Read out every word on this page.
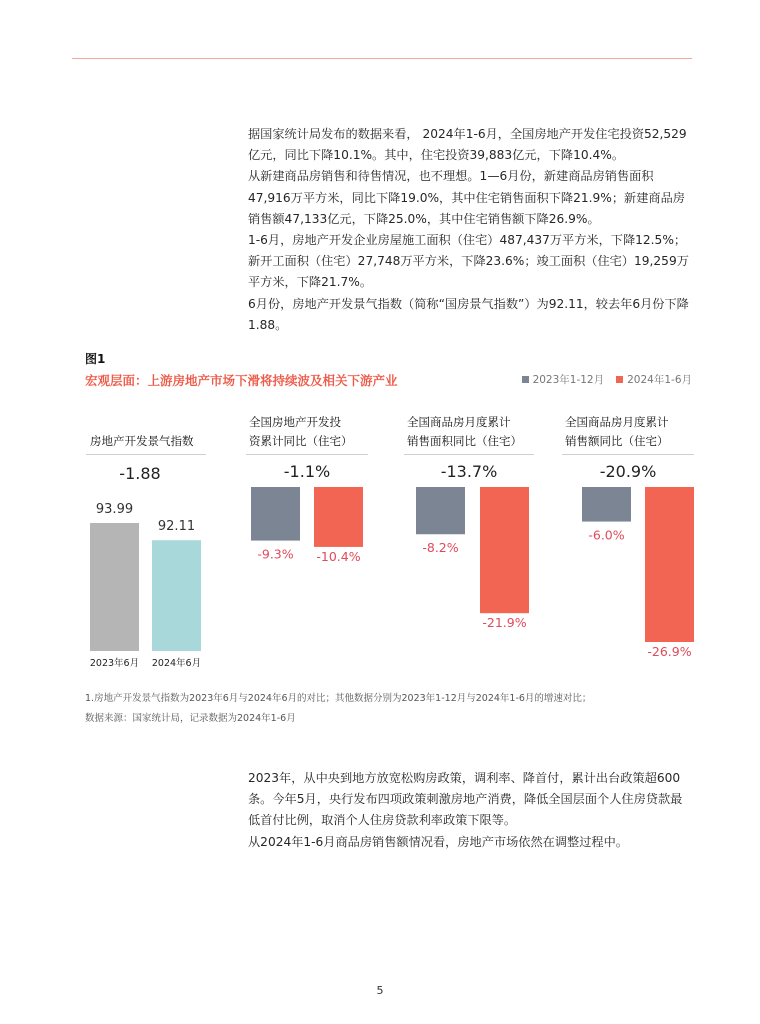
据国家统计局发布的数据来看， 2024年1-6月，全国房地产开发住宅投资52,529亿元，同比下降10.1%。其中，住宅投资39,883亿元，下降10.4%。

从新建商品房销售和待售情况，也不理想。1—6月份，新建商品房销售面积47,916万平方米，同比下降19.0%，其中住宅销售面积下降21.9%；新建商品房销售额47,133亿元，下降25.0%，其中住宅销售额下降26.9%。

1-6月，房地产开发企业房屋施工面积（住宅）487,437万平方米，下降12.5%；新开工面积（住宅）27,748万平方米，下降23.6%；竣工面积（住宅）19,259万平方米，下降21.7%。

6月份，房地产开发景气指数（简称“国房景气指数”）为92.11，较去年6月份下降1.88。

图1
宏观层面：上游房地产市场下滑将持续波及相关下游产业	2023年1-12月 2024年1-6月
房地产开发景气指数
-1.88
全国房地产开发投资累计同比（住宅）
-1.1%
全国商品房月度累计销售面积同比（住宅）
-13.7%
全国商品房月度累计销售额同比（住宅）
-20.9%
93.99
2023年6月
92.11
2024年6月
-9.3% -10.4%
-8.2%
-21.9%
-6.0%
-26.9%
1.房地产开发景气指数为2023年6月与2024年6月的对比；其他数据分别为2023年1-12月与2024年1-6月的增速对比；
数据来源：国家统计局，记录数据为2024年1-6月

2023年，从中央到地方放宽松购房政策，调利率、降首付，累计出台政策超600条。今年5月，央行发布四项政策刺激房地产消费，降低全国层面个人住房贷款最低首付比例，取消个人住房贷款利率政策下限等。

从2024年1-6月商品房销售额情况看，房地产市场依然在调整过程中。

5
